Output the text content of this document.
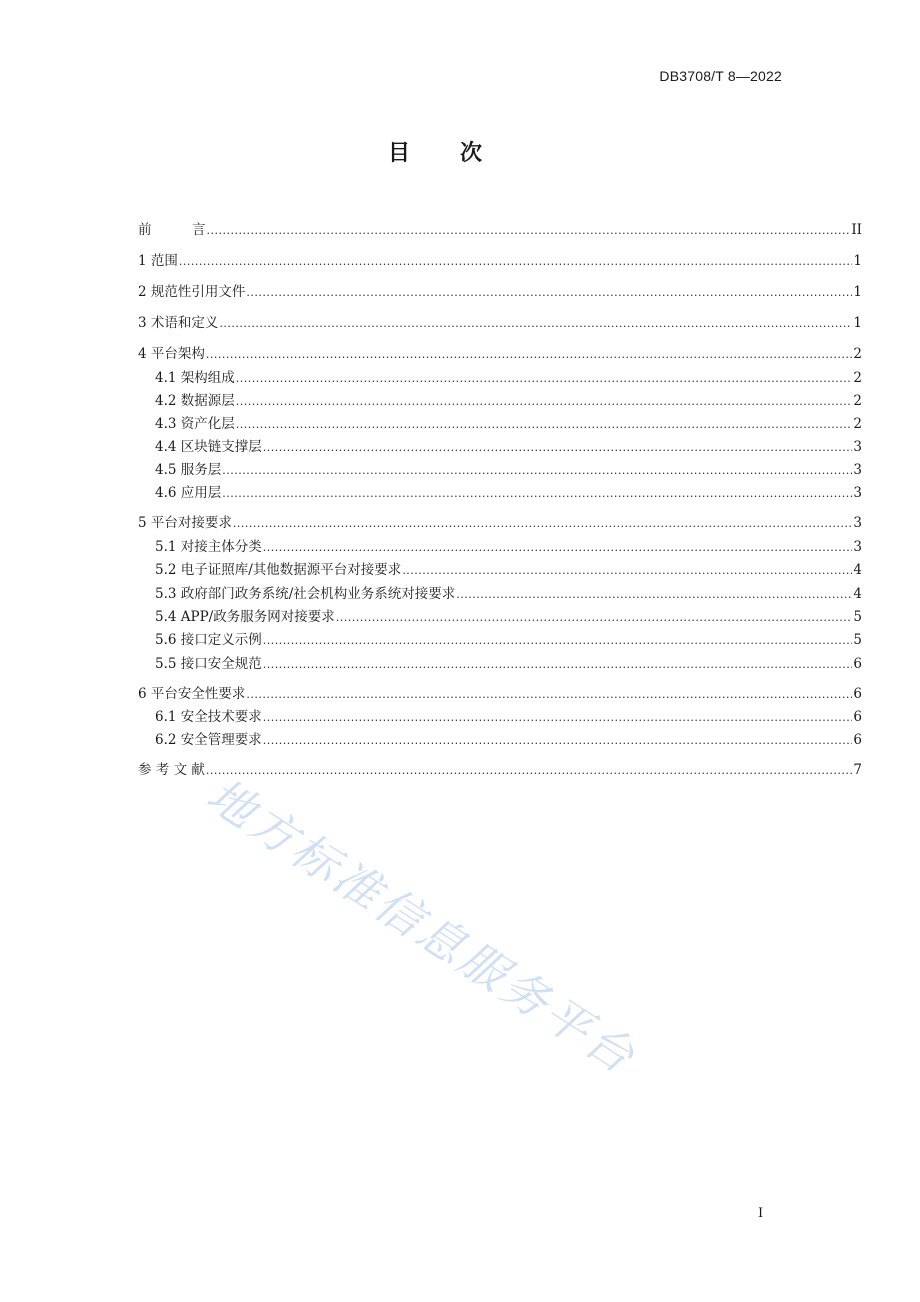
DB3708/T 8—2022
目 次
前　　　言 .....	II
1 范围 .....	1
2 规范性引用文件 .....	1
3 术语和定义 .....	1
4 平台架构 .....	2
4.1 架构组成 .....	2
4.2 数据源层 .....	2
4.3 资产化层 .....	2
4.4 区块链支撑层 .....	3
4.5 服务层 .....	3
4.6 应用层 .....	3
5 平台对接要求 .....	3
5.1 对接主体分类 .....	3
5.2 电子证照库/其他数据源平台对接要求 .....	4
5.3 政府部门政务系统/社会机构业务系统对接要求 .....	4
5.4 APP/政务服务网对接要求 .....	5
5.6 接口定义示例 .....	5
5.5 接口安全规范 .....	6
6 平台安全性要求 .....	6
6.1 安全技术要求 .....	6
6.2 安全管理要求 .....	6
参 考 文 献 .....	7
地方标准信息服务平台
I
